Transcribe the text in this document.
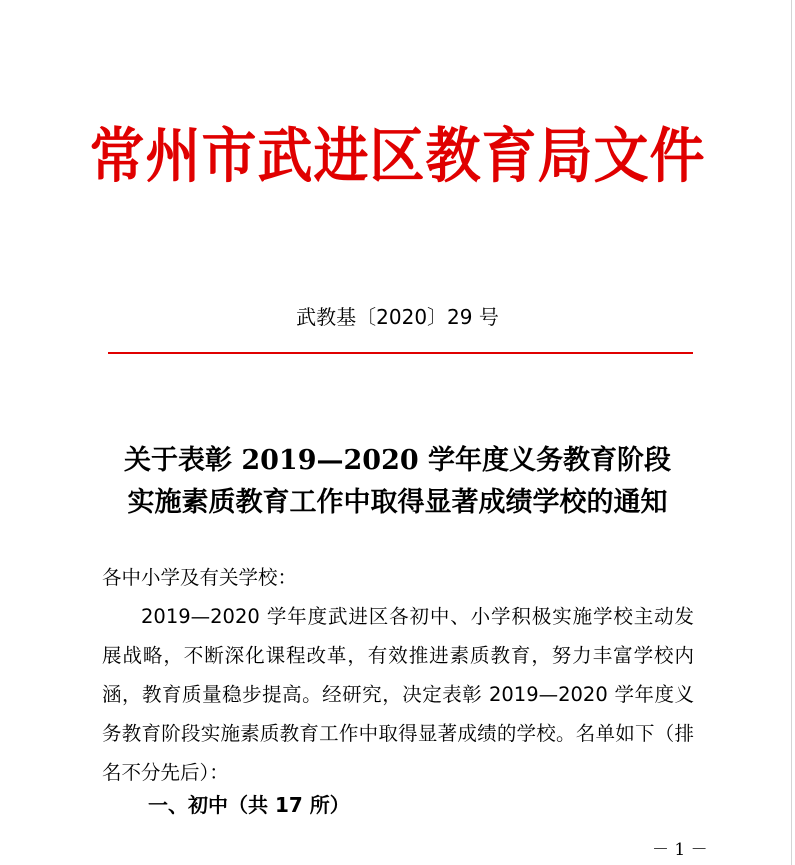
常州市武进区教育局文件
武教基〔2020〕29 号
关于表彰 2019—2020 学年度义务教育阶段
实施素质教育工作中取得显著成绩学校的通知

各中小学及有关学校：

2019—2020 学年度武进区各初中、小学积极实施学校主动发展战略，不断深化课程改革，有效推进素质教育，努力丰富学校内涵，教育质量稳步提高。经研究，决定表彰 2019—2020 学年度义务教育阶段实施素质教育工作中取得显著成绩的学校。名单如下（排名不分先后）：

一、初中（共 17 所）
－ 1 －
